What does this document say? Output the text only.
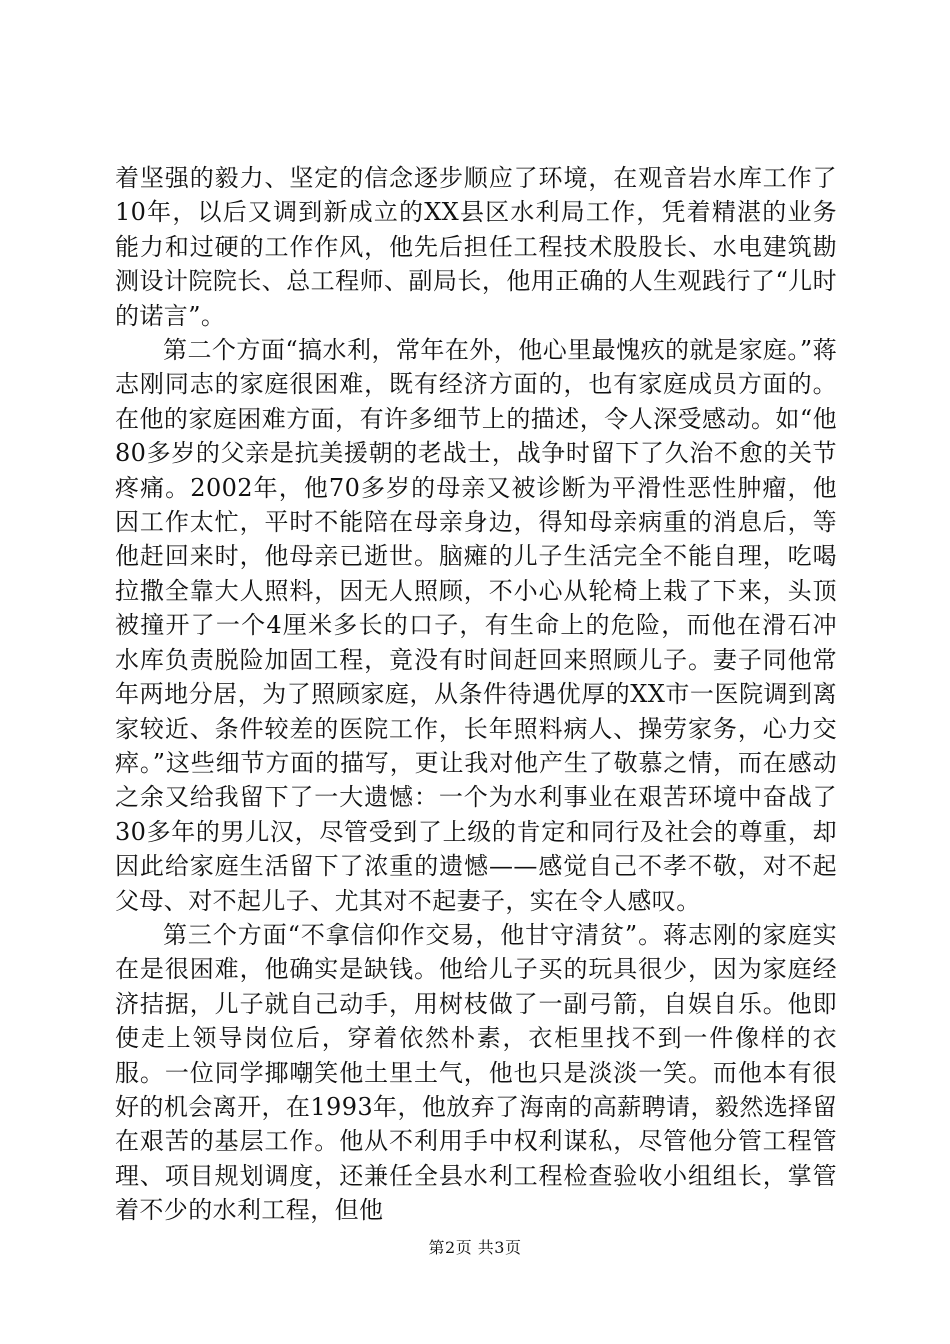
着坚强的毅力、坚定的信念逐步顺应了环境，在观音岩水库工作了10年，以后又调到新成立的XX县区水利局工作，凭着精湛的业务能力和过硬的工作作风，他先后担任工程技术股股长、水电建筑勘测设计院院长、总工程师、副局长，他用正确的人生观践行了“儿时的诺言”。

第二个方面“搞水利，常年在外，他心里最愧疚的就是家庭。”蒋志刚同志的家庭很困难，既有经济方面的，也有家庭成员方面的。在他的家庭困难方面，有许多细节上的描述，令人深受感动。如“他80多岁的父亲是抗美援朝的老战士，战争时留下了久治不愈的关节疼痛。2002年，他70多岁的母亲又被诊断为平滑性恶性肿瘤，他因工作太忙，平时不能陪在母亲身边，得知母亲病重的消息后，等他赶回来时，他母亲已逝世。脑瘫的儿子生活完全不能自理，吃喝拉撒全靠大人照料，因无人照顾，不小心从轮椅上栽了下来，头顶被撞开了一个4厘米多长的口子，有生命上的危险，而他在滑石冲水库负责脱险加固工程，竟没有时间赶回来照顾儿子。妻子同他常年两地分居，为了照顾家庭，从条件待遇优厚的XX市一医院调到离家较近、条件较差的医院工作，长年照料病人、操劳家务，心力交瘁。”这些细节方面的描写，更让我对他产生了敬慕之情，而在感动之余又给我留下了一大遗憾：一个为水利事业在艰苦环境中奋战了30多年的男儿汉，尽管受到了上级的肯定和同行及社会的尊重，却因此给家庭生活留下了浓重的遗憾——感觉自己不孝不敬，对不起父母、对不起儿子、尤其对不起妻子，实在令人感叹。

第三个方面“不拿信仰作交易，他甘守清贫”。蒋志刚的家庭实在是很困难，他确实是缺钱。他给儿子买的玩具很少，因为家庭经济拮据，儿子就自己动手，用树枝做了一副弓箭，自娱自乐。他即使走上领导岗位后，穿着依然朴素，衣柜里找不到一件像样的衣服。一位同学揶嘲笑他土里土气，他也只是淡淡一笑。而他本有很好的机会离开，在1993年，他放弃了海南的高薪聘请，毅然选择留在艰苦的基层工作。他从不利用手中权利谋私，尽管他分管工程管理、项目规划调度，还兼任全县水利工程检查验收小组组长，掌管着不少的水利工程，但他

第2页 共3页
